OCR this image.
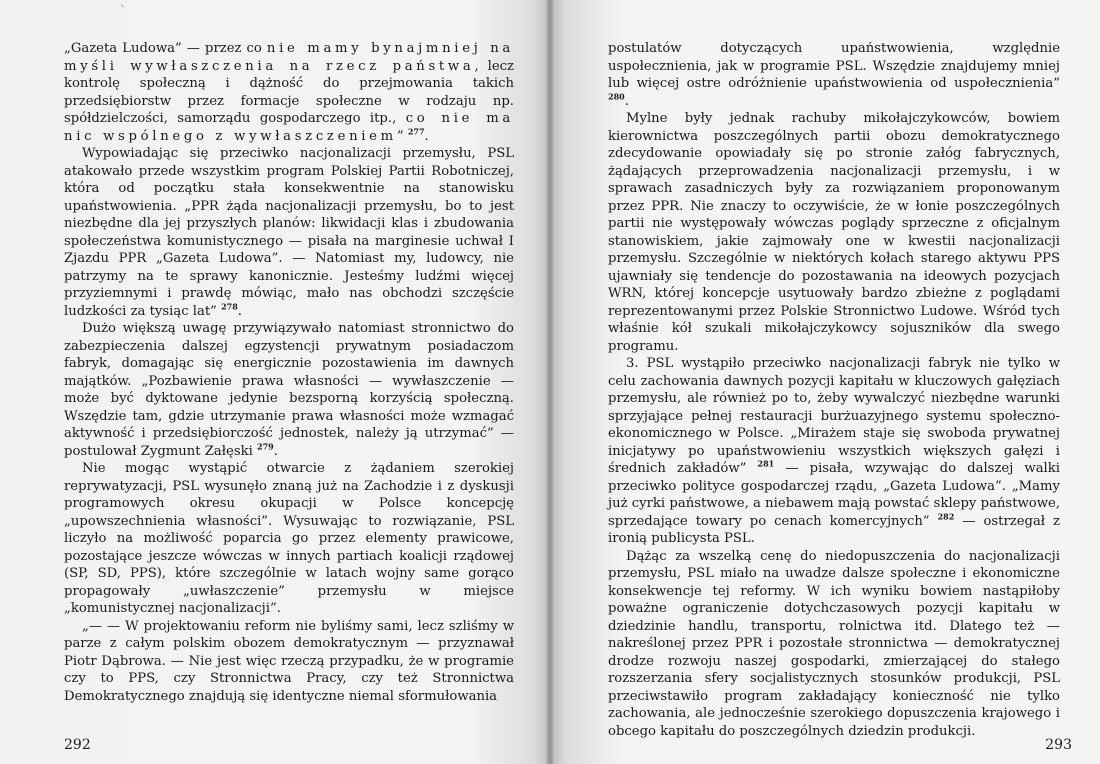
⸌

„Gazeta Ludowa” — przez co nie mamy bynajmniej na myśli wywłaszczenia na rzecz państwa, lecz kontrolę społeczną i dążność do przejmowania takich przedsiębiorstw przez formacje społeczne w rodzaju np. spółdzielczości, samorządu gospodarczego itp., co nie ma nic wspólnego z wywłaszczeniem” $^{277}$.

Wypowiadając się przeciwko nacjonalizacji przemysłu, PSL atakowało przede wszystkim program Polskiej Partii Robotniczej, która od początku stała konsekwentnie na stanowisku upaństwowienia. „PPR żąda nacjonalizacji przemysłu, bo to jest niezbędne dla jej przyszłych planów: likwidacji klas i zbudowania społeczeństwa komunistycznego — pisała na marginesie uchwał I Zjazdu PPR „Gazeta Ludowa”. — Natomiast my, ludowcy, nie patrzymy na te sprawy kanonicznie. Jesteśmy ludźmi więcej przyziemnymi i prawdę mówiąc, mało nas obchodzi szczęście ludzkości za tysiąc lat” $^{278}$.

Dużo większą uwagę przywiązywało natomiast stronnictwo do zabezpieczenia dalszej egzystencji prywatnym posiadaczom fabryk, domagając się energicznie pozostawienia im dawnych majątków. „Pozbawienie prawa własności — wywłaszczenie — może być dyktowane jedynie bezsporną korzyścią społeczną. Wszędzie tam, gdzie utrzymanie prawa własności może wzmagać aktywność i przedsiębiorczość jednostek, należy ją utrzymać” — postulował Zygmunt Załęski $^{279}$.

Nie mogąc wystąpić otwarcie z żądaniem szerokiej reprywatyzacji, PSL wysunęło znaną już na Zachodzie i z dyskusji programowych okresu okupacji w Polsce koncepcję „upowszechnienia własności”. Wysuwając to rozwiązanie, PSL liczyło na możliwość poparcia go przez elementy prawicowe, pozostające jeszcze wówczas w innych partiach koalicji rządowej (SP, SD, PPS), które szczególnie w latach wojny same gorąco propagowały „uwłaszczenie” przemysłu w miejsce „komunistycznej nacjonalizacji”.

„— — W projektowaniu reform nie byliśmy sami, lecz szliśmy w parze z całym polskim obozem demokratycznym — przyznawał Piotr Dąbrowa. — Nie jest więc rzeczą przypadku, że w programie czy to PPS, czy Stronnictwa Pracy, czy też Stronnictwa Demokratycznego znajdują się identyczne niemal sformułowania

292

postulatów dotyczących upaństwowienia, względnie uspołecznienia, jak w programie PSL. Wszędzie znajdujemy mniej lub więcej ostre odróżnienie upaństwowienia od uspołecznienia” $^{280}$.

Mylne były jednak rachuby mikołajczykowców, bowiem kierownictwa poszczególnych partii obozu demokratycznego zdecydowanie opowiadały się po stronie załóg fabrycznych, żądających przeprowadzenia nacjonalizacji przemysłu, i w sprawach zasadniczych były za rozwiązaniem proponowanym przez PPR. Nie znaczy to oczywiście, że w łonie poszczególnych partii nie występowały wówczas poglądy sprzeczne z oficjalnym stanowiskiem, jakie zajmowały one w kwestii nacjonalizacji przemysłu. Szczególnie w niektórych kołach starego aktywu PPS ujawniały się tendencje do pozostawania na ideowych pozycjach WRN, której koncepcje usytuowały bardzo zbieżne z poglądami reprezentowanymi przez Polskie Stronnictwo Ludowe. Wśród tych właśnie kół szukali mikołajczykowcy sojuszników dla swego programu.

3. PSL wystąpiło przeciwko nacjonalizacji fabryk nie tylko w celu zachowania dawnych pozycji kapitału w kluczowych gałęziach przemysłu, ale również po to, żeby wywalczyć niezbędne warunki sprzyjające pełnej restauracji burżuazyjnego systemu społeczno-ekonomicznego w Polsce. „Mirażem staje się swoboda prywatnej inicjatywy po upaństwowieniu wszystkich większych gałęzi i średnich zakładów” $^{281}$ — pisała, wzywając do dalszej walki przeciwko polityce gospodarczej rządu, „Gazeta Ludowa”. „Mamy już cyrki państwowe, a niebawem mają powstać sklepy państwowe, sprzedające towary po cenach komercyjnych” $^{282}$ — ostrzegał z ironią publicysta PSL.

Dążąc za wszelką cenę do niedopuszczenia do nacjonalizacji przemysłu, PSL miało na uwadze dalsze społeczne i ekonomiczne konsekwencje tej reformy. W ich wyniku bowiem nastąpiłoby poważne ograniczenie dotychczasowych pozycji kapitału w dziedzinie handlu, transportu, rolnictwa itd. Dlatego też — nakreślonej przez PPR i pozostałe stronnictwa — demokratycznej drodze rozwoju naszej gospodarki, zmierzającej do stałego rozszerzania sfery socjalistycznych stosunków produkcji, PSL przeciwstawiło program zakładający konieczność nie tylko zachowania, ale jednocześnie szerokiego dopuszczenia krajowego i obcego kapitału do poszczególnych dziedzin produkcji.

293
